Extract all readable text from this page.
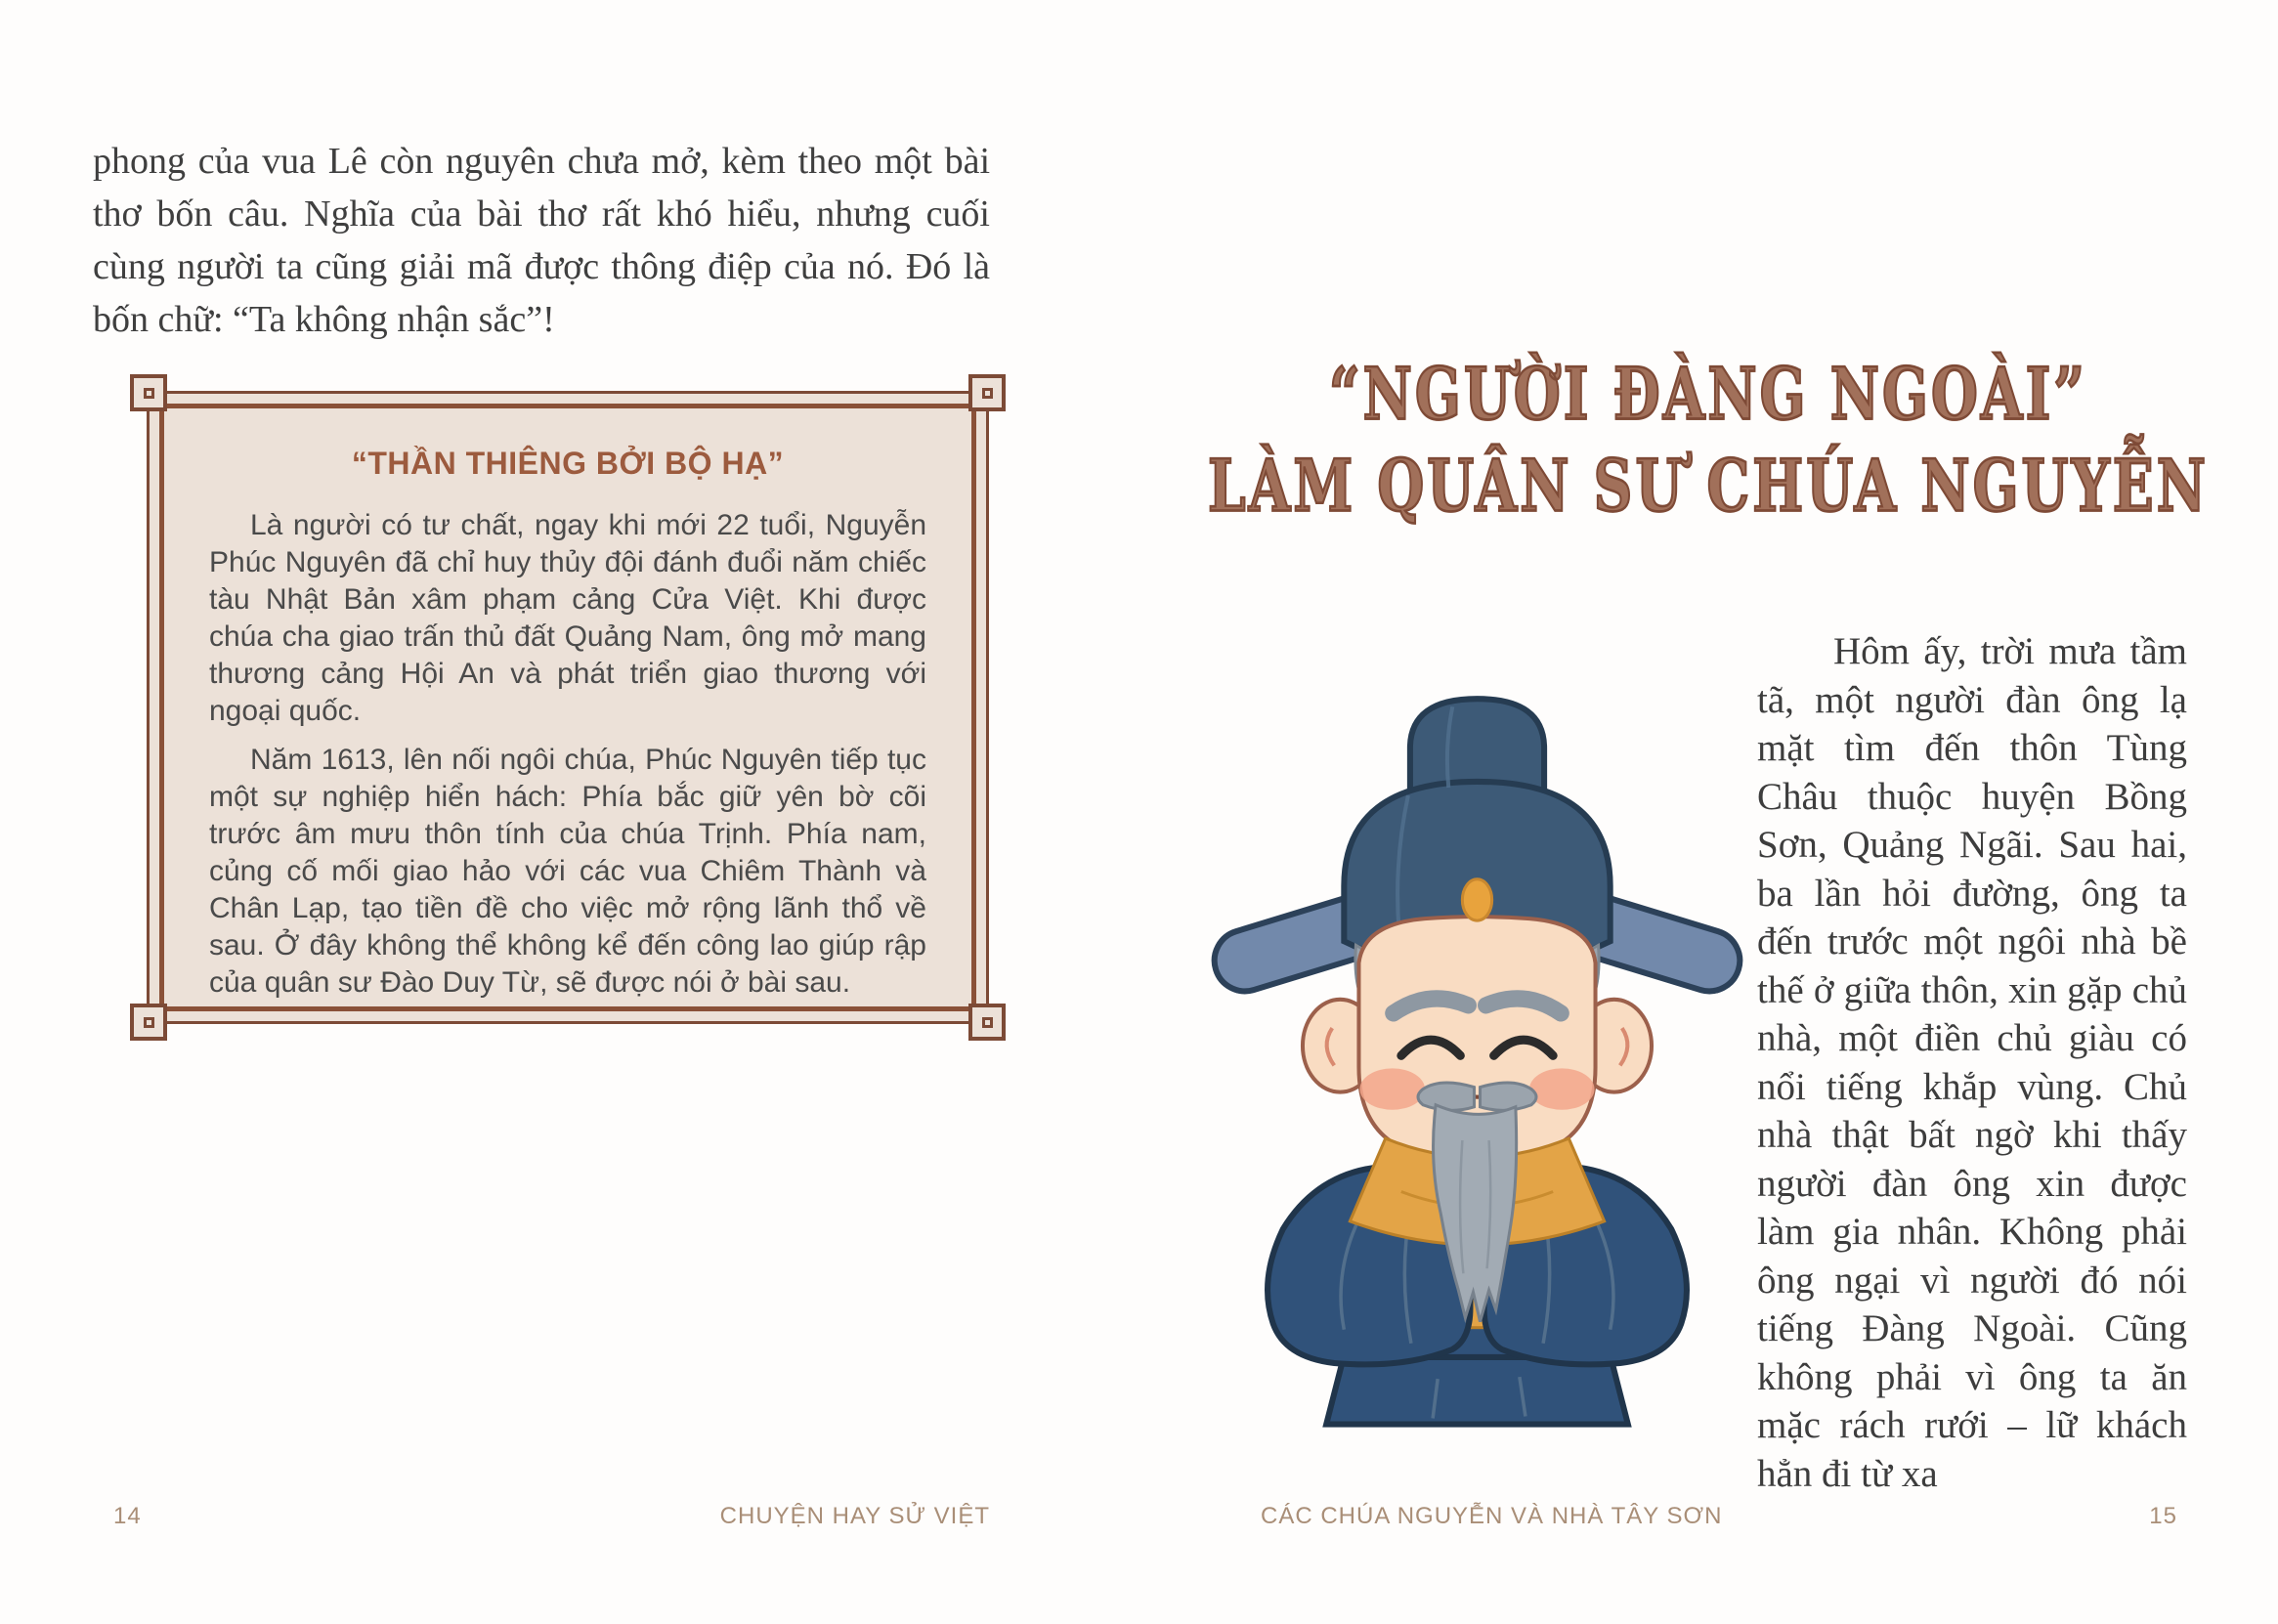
phong của vua Lê còn nguyên chưa mở, kèm theo một bài thơ bốn câu. Nghĩa của bài thơ rất khó hiểu, nhưng cuối cùng người ta cũng giải mã được thông điệp của nó. Đó là bốn chữ: “Ta không nhận sắc”!
“THẦN THIÊNG BỞI BỘ HẠ”

Là người có tư chất, ngay khi mới 22 tuổi, Nguyễn Phúc Nguyên đã chỉ huy thủy đội đánh đuổi năm chiếc tàu Nhật Bản xâm phạm cảng Cửa Việt. Khi được chúa cha giao trấn thủ đất Quảng Nam, ông mở mang thương cảng Hội An và phát triển giao thương với ngoại quốc.

Năm 1613, lên nối ngôi chúa, Phúc Nguyên tiếp tục một sự nghiệp hiển hách: Phía bắc giữ yên bờ cõi trước âm mưu thôn tính của chúa Trịnh. Phía nam, củng cố mối giao hảo với các vua Chiêm Thành và Chân Lạp, tạo tiền đề cho việc mở rộng lãnh thổ về sau. Ở đây không thể không kể đến công lao giúp rập của quân sư Đào Duy Từ, sẽ được nói ở bài sau.

14	CHUYỆN HAY SỬ VIỆT
“NGƯỜI ĐÀNG NGOÀI”
LÀM QUÂN SƯ CHÚA NGUYỄN
Hôm ấy, trời mưa tầm tã, một người đàn ông lạ mặt tìm đến thôn Tùng Châu thuộc huyện Bồng Sơn, Quảng Ngãi. Sau hai, ba lần hỏi đường, ông ta đến trước một ngôi nhà bề thế ở giữa thôn, xin gặp chủ nhà, một điền chủ giàu có nổi tiếng khắp vùng. Chủ nhà thật bất ngờ khi thấy người đàn ông xin được làm gia nhân. Không phải ông ngại vì người đó nói tiếng Đàng Ngoài. Cũng không phải vì ông ta ăn mặc rách rưới – lữ khách hẳn đi từ xa
CÁC CHÚA NGUYỄN VÀ NHÀ TÂY SƠN	15
